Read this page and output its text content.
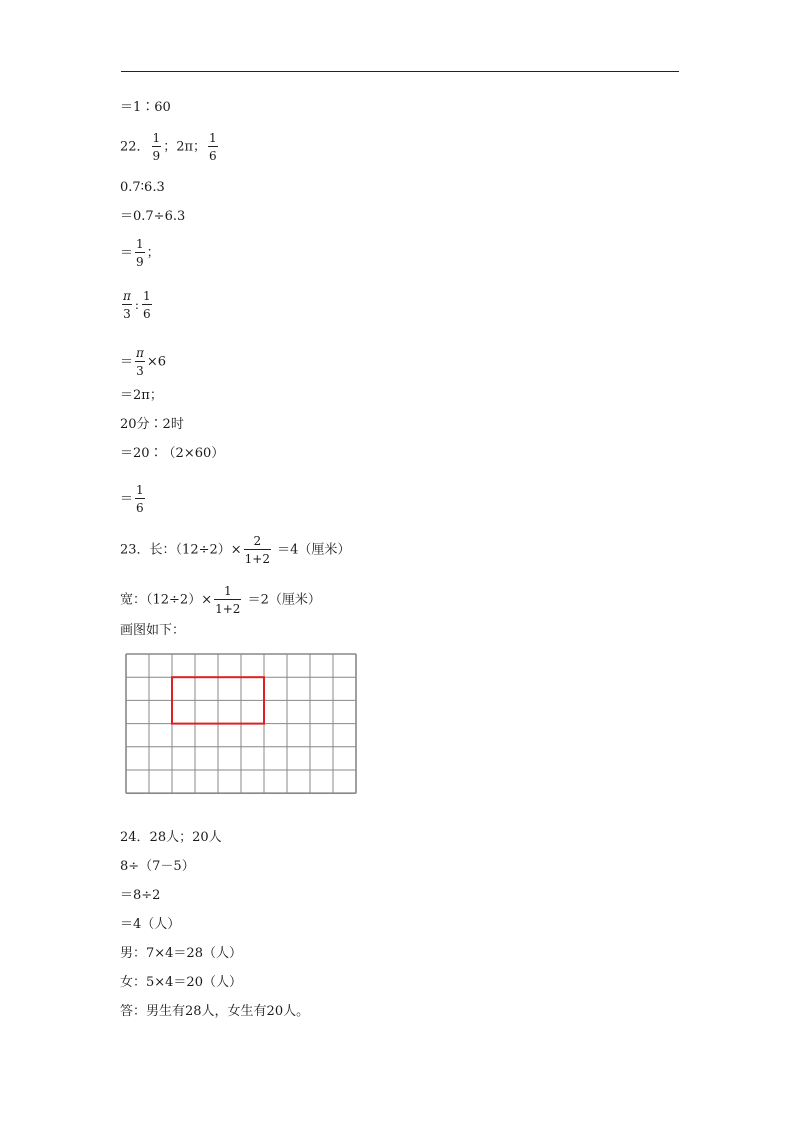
＝1∶60
22． $\frac{1}{9}$ ；2π； $\frac{1}{6}$
0.7∶6.3
＝0.7÷6.3
＝ $\frac{1}{9}$ ；
$\frac{\pi}{3}$ : $\frac{1}{6}$
＝ $\frac{\pi}{3} \times 6$
＝2π；
20分∶2时
＝20∶（2×60）
＝ $\frac{1}{6}$
23．长：$(12\div 2)\times \frac{2}{1+2} =4$（厘米）
宽：$(12\div 2)\times \frac{1}{1+2} =2$（厘米）
画图如下：
24．28人；20人
8÷（7－5）
＝8÷2
＝4（人）
男：7×4＝28（人）
女：5×4＝20（人）
答：男生有28人，女生有20人。
